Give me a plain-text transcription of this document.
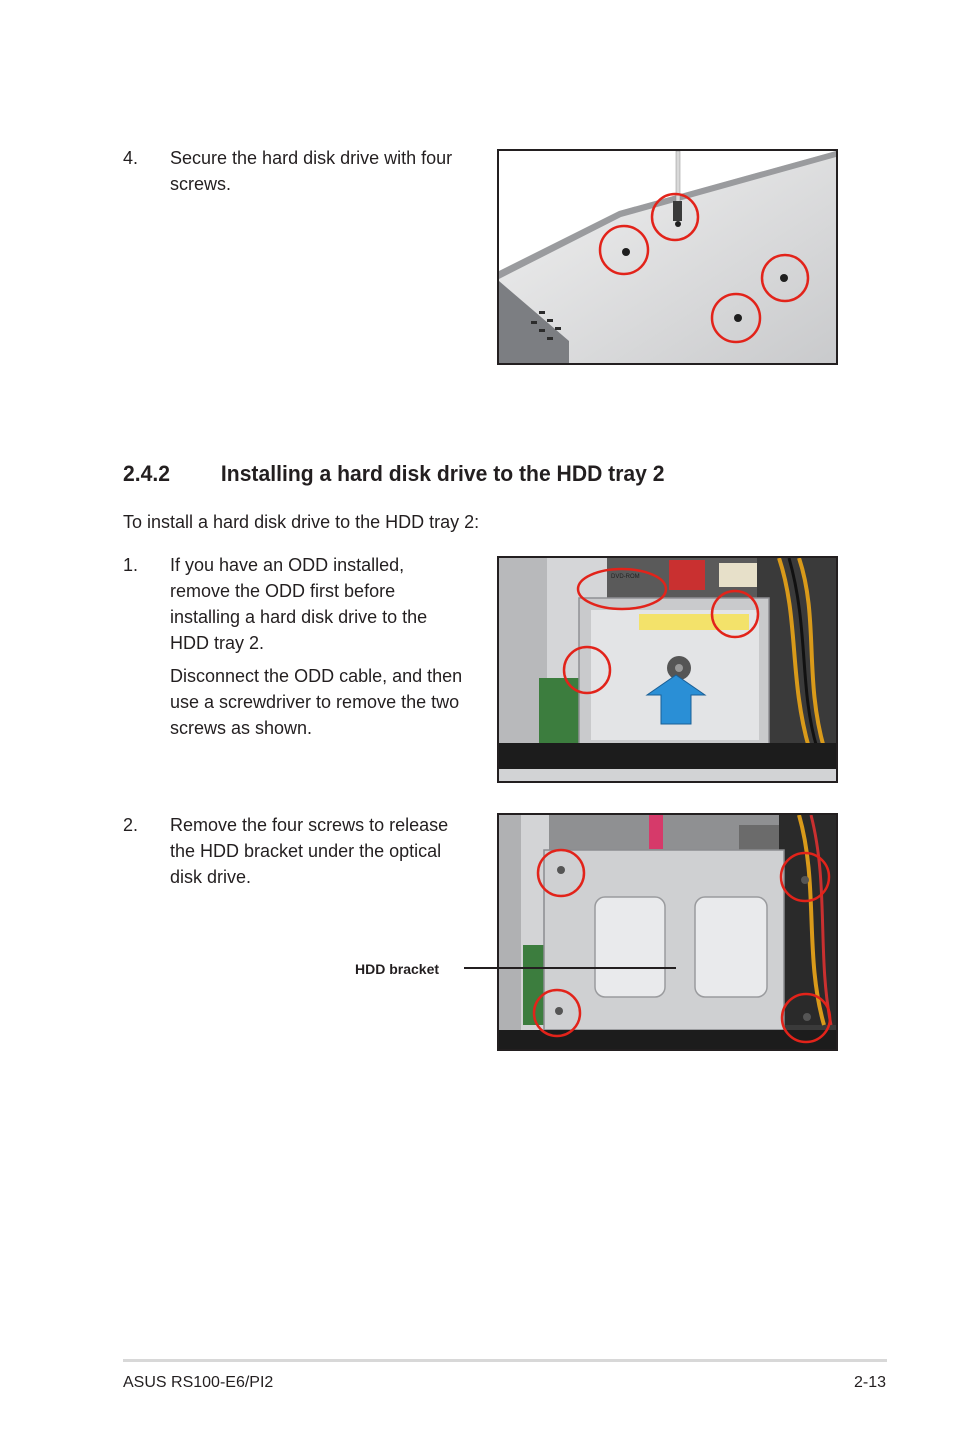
4. Secure the hard disk drive with four
screws.
2.4.2 Installing a hard disk drive to the HDD tray 2
To install a hard disk drive to the HDD tray 2:
1. If you have an ODD installed,
remove the ODD first before
installing a hard disk drive to the
HDD tray 2.
Disconnect the ODD cable, and then
use a screwdriver to remove the two
screws as shown.
DVD-ROM
2. Remove the four screws to release
the HDD bracket under the optical
disk drive.
HDD bracket
ASUS RS100-E6/PI2	2-13
